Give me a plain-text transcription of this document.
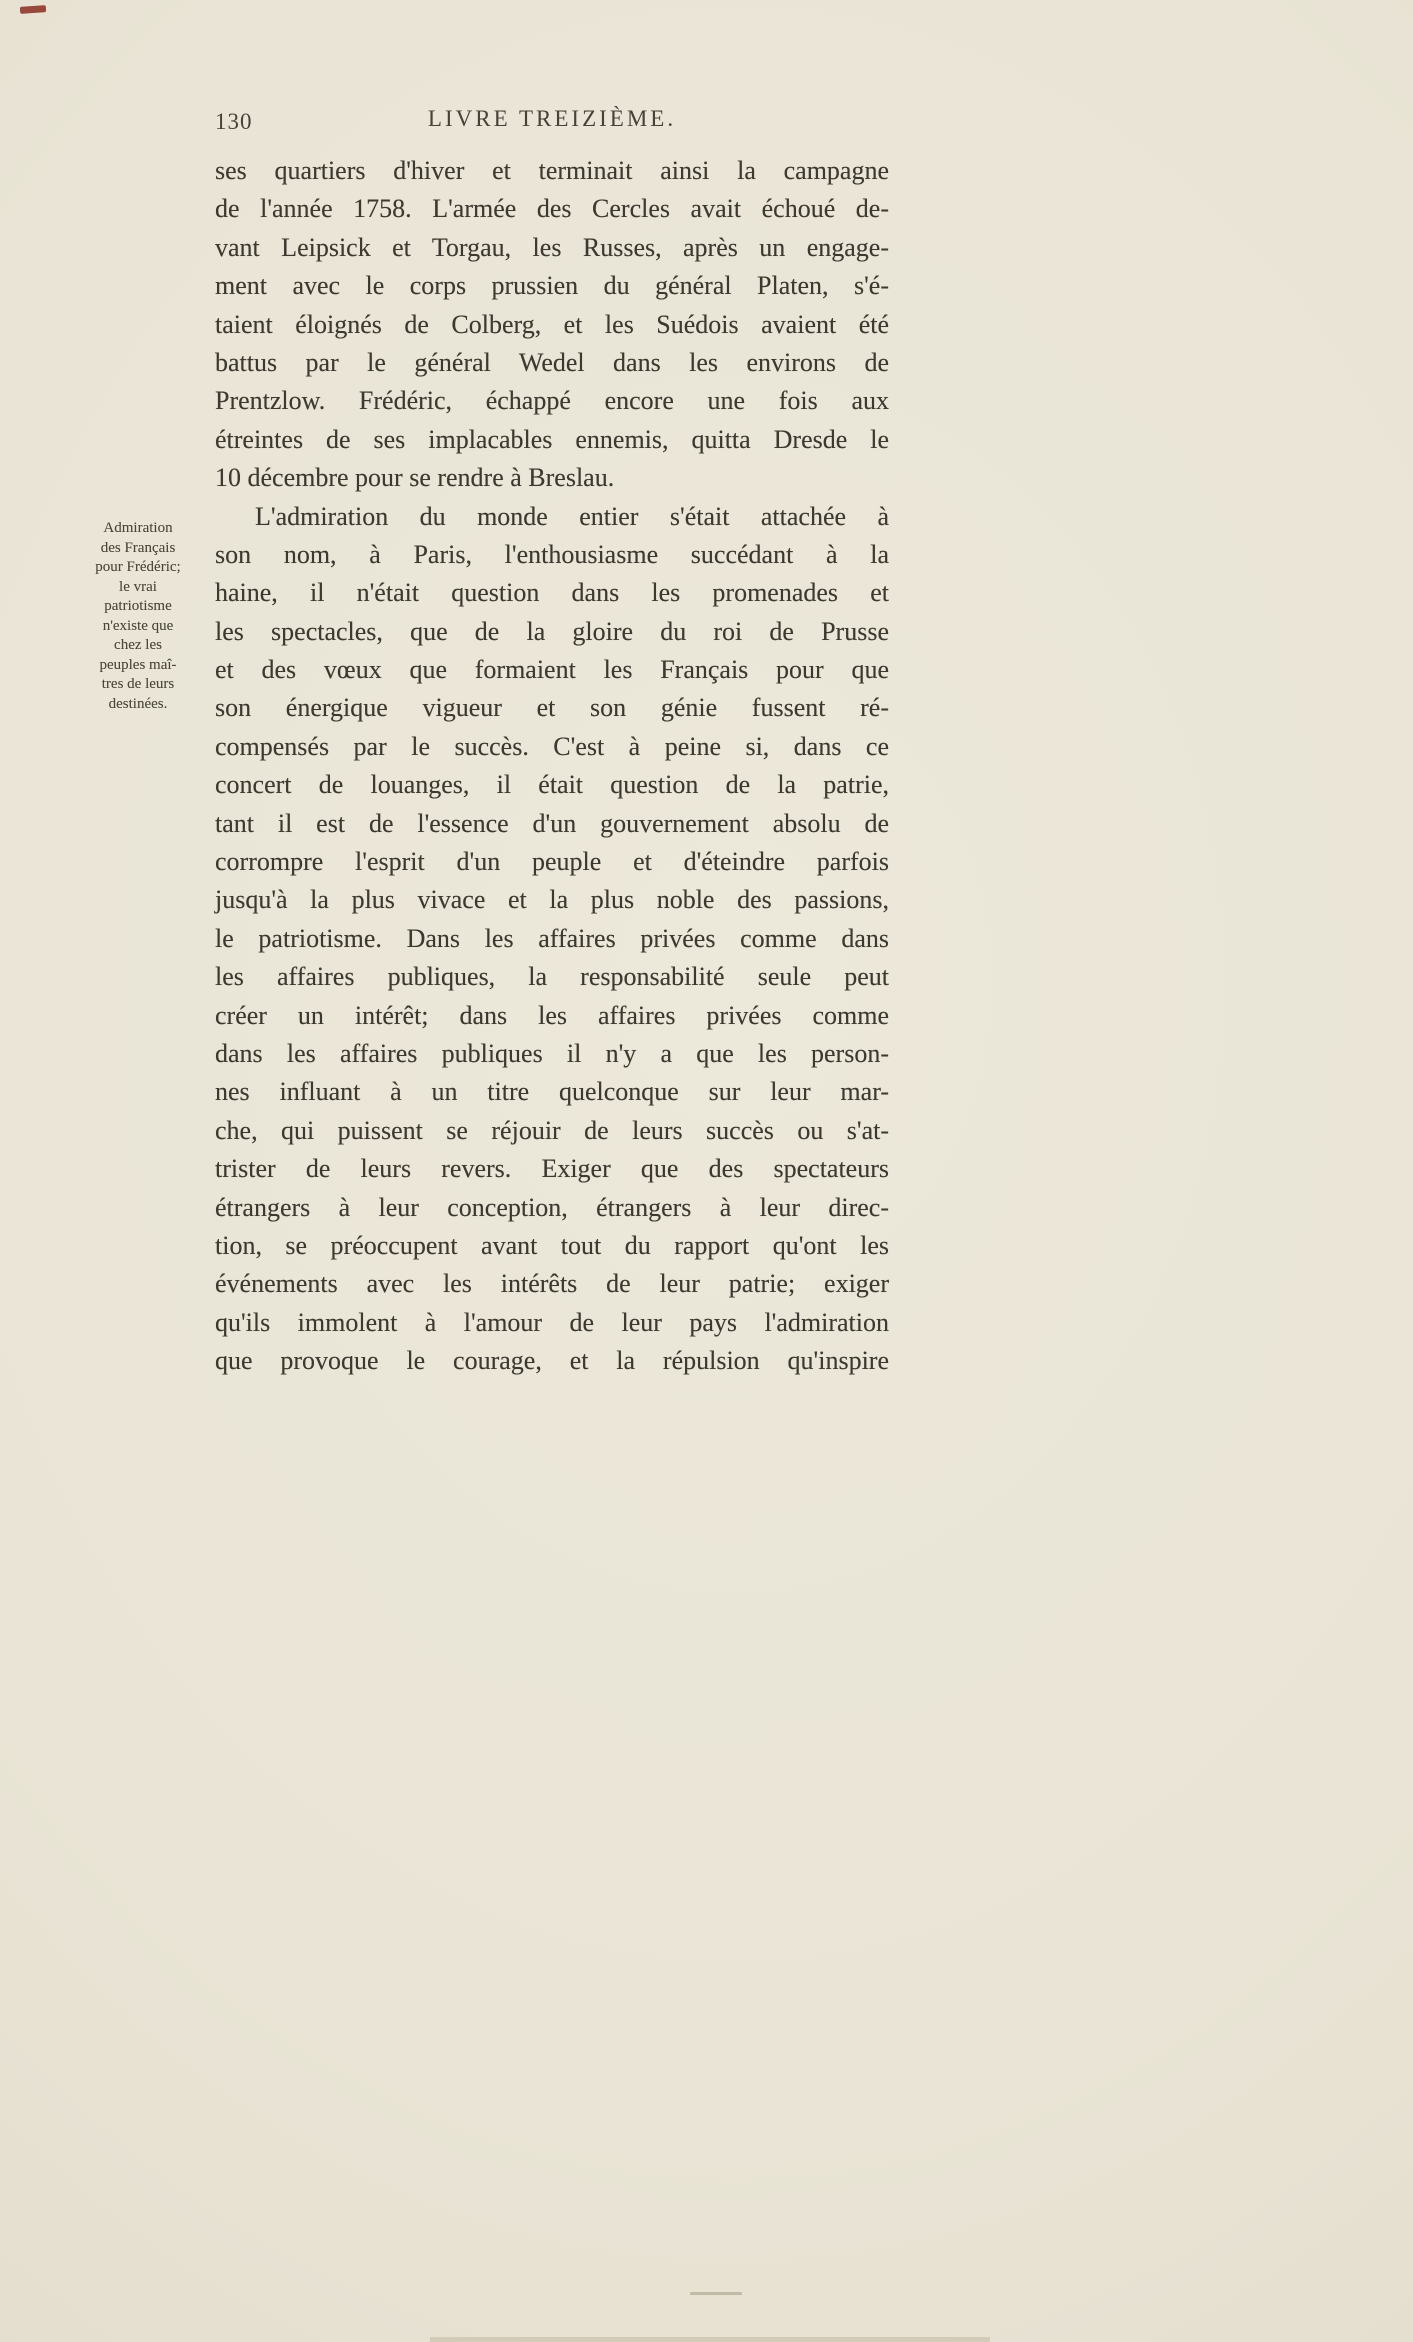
130	LIVRE TREIZIÈME.
Admiration
des Français
pour Frédéric;
le vrai
patriotisme
n'existe que
chez les
peuples maî-
tres de leurs
destinées.
ses quartiers d'hiver et terminait ainsi la campagne
de l'année 1758. L'armée des Cercles avait échoué de-
vant Leipsick et Torgau, les Russes, après un engage-
ment avec le corps prussien du général Platen, s'é-
taient éloignés de Colberg, et les Suédois avaient été
battus par le général Wedel dans les environs de
Prentzlow. Frédéric, échappé encore une fois aux
étreintes de ses implacables ennemis, quitta Dresde le
10 décembre pour se rendre à Breslau.
L'admiration du monde entier s'était attachée à
son nom, à Paris, l'enthousiasme succédant à la
haine, il n'était question dans les promenades et
les spectacles, que de la gloire du roi de Prusse
et des vœux que formaient les Français pour que
son énergique vigueur et son génie fussent ré-
compensés par le succès. C'est à peine si, dans ce
concert de louanges, il était question de la patrie,
tant il est de l'essence d'un gouvernement absolu de
corrompre l'esprit d'un peuple et d'éteindre parfois
jusqu'à la plus vivace et la plus noble des passions,
le patriotisme. Dans les affaires privées comme dans
les affaires publiques, la responsabilité seule peut
créer un intérêt; dans les affaires privées comme
dans les affaires publiques il n'y a que les person-
nes influant à un titre quelconque sur leur mar-
che, qui puissent se réjouir de leurs succès ou s'at-
trister de leurs revers. Exiger que des spectateurs
étrangers à leur conception, étrangers à leur direc-
tion, se préoccupent avant tout du rapport qu'ont les
événements avec les intérêts de leur patrie; exiger
qu'ils immolent à l'amour de leur pays l'admiration
que provoque le courage, et la répulsion qu'inspire
